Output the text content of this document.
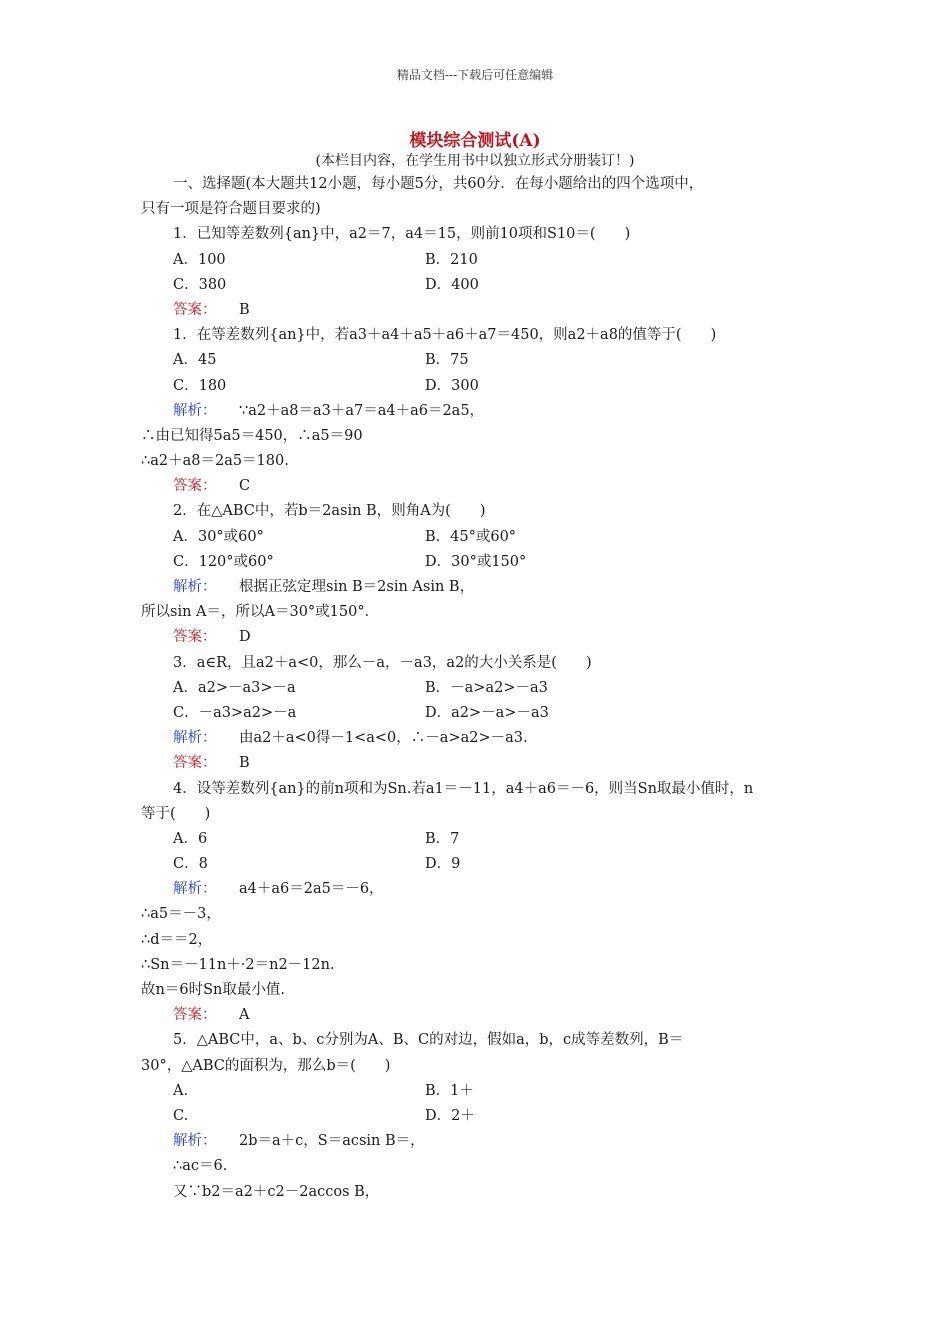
精品文档---下载后可任意编辑
模块综合测试(A)
(本栏目内容，在学生用书中以独立形式分册装订！)
一、选择题(本大题共12小题，每小题5分，共60分．在每小题给出的四个选项中，
只有一项是符合题目要求的)
1．已知等差数列{an}中，a2＝7，a4＝15，则前10项和S10＝(　　)
A．100	B．210
C．380	D．400
答案： B
1．在等差数列{an}中，若a3＋a4＋a5＋a6＋a7＝450，则a2＋a8的值等于(　　)
A．45	B．75
C．180	D．300
解析： ∵a2＋a8＝a3＋a7＝a4＋a6＝2a5，
∴由已知得5a5＝450，∴a5＝90
∴a2＋a8＝2a5＝180.
答案： C
2．在△ABC中，若b＝2asin B，则角A为(　　)
A．30°或60°	B．45°或60°
C．120°或60°	D．30°或150°
解析： 根据正弦定理sin B＝2sin Asin B，
所以sin A＝，所以A＝30°或150°．
答案： D
3．a∈R，且a2＋a<0，那么－a，－a3，a2的大小关系是(　　)
A．a2>－a3>－a	B．－a>a2>－a3
C．－a3>a2>－a	D．a2>－a>－a3
解析： 由a2＋a<0得－1<a<0，∴－a>a2>－a3.
答案： B
4．设等差数列{an}的前n项和为Sn.若a1＝－11，a4＋a6＝－6，则当Sn取最小值时，n
等于(　　)
A．6	B．7
C．8	D．9
解析： a4＋a6＝2a5＝－6，
∴a5＝－3，
∴d＝＝2，
∴Sn＝－11n＋·2＝n2－12n.
故n＝6时Sn取最小值.
答案： A
5．△ABC中，a、b、c分别为A、B、C的对边，假如a，b，c成等差数列，B＝
30°，△ABC的面积为，那么b＝(　　)
A.	B．1＋
C.	D．2＋
解析： 2b＝a＋c，S＝acsin B＝，
∴ac＝6.
又∵b2＝a2＋c2－2accos B，
